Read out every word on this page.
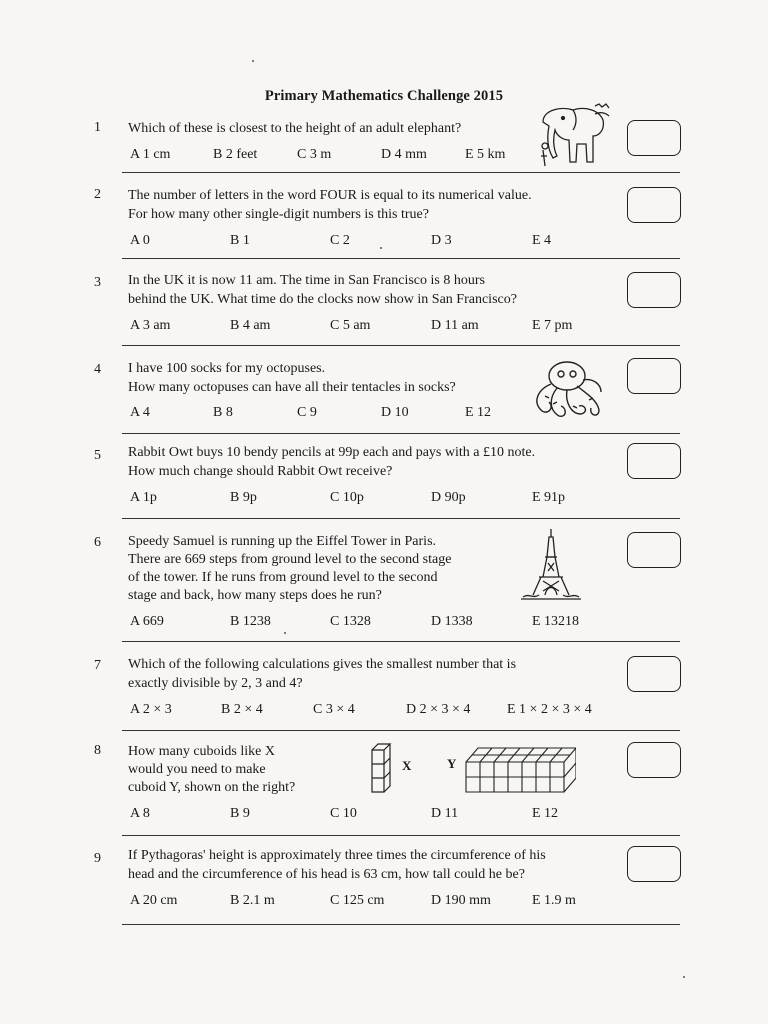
Primary Mathematics Challenge 2015
1 Which of these is closest to the height of an adult elephant?
A 1 cm	B 2 feet	C 3 m	D 4 mm	E 5 km
2 The number of letters in the word FOUR is equal to its numerical value.
For how many other single-digit numbers is this true?
A 0	B 1	C 2	D 3	E 4
3 In the UK it is now 11 am. The time in San Francisco is 8 hours
behind the UK. What time do the clocks now show in San Francisco?
A 3 am	B 4 am	C 5 am	D 11 am	E 7 pm
4 I have 100 socks for my octopuses.
How many octopuses can have all their tentacles in socks?
A 4	B 8	C 9	D 10	E 12
5 Rabbit Owt buys 10 bendy pencils at 99p each and pays with a £10 note.
How much change should Rabbit Owt receive?
A 1p	B 9p	C 10p	D 90p	E 91p
6 Speedy Samuel is running up the Eiffel Tower in Paris.
There are 669 steps from ground level to the second stage
of the tower. If he runs from ground level to the second
stage and back, how many steps does he run?
A 669	B 1238	C 1328	D 1338	E 13218
7 Which of the following calculations gives the smallest number that is
exactly divisible by 2, 3 and 4?
A 2 × 3	B 2 × 4	C 3 × 4	D 2 × 3 × 4	E 1 × 2 × 3 × 4
8 How many cuboids like X
would you need to make
cuboid Y, shown on the right?
A 8	B 9	C 10	D 11	E 12
X	Y
9 If Pythagoras' height is approximately three times the circumference of his
head and the circumference of his head is 63 cm, how tall could he be?
A 20 cm	B 2.1 m	C 125 cm	D 190 mm	E 1.9 m
